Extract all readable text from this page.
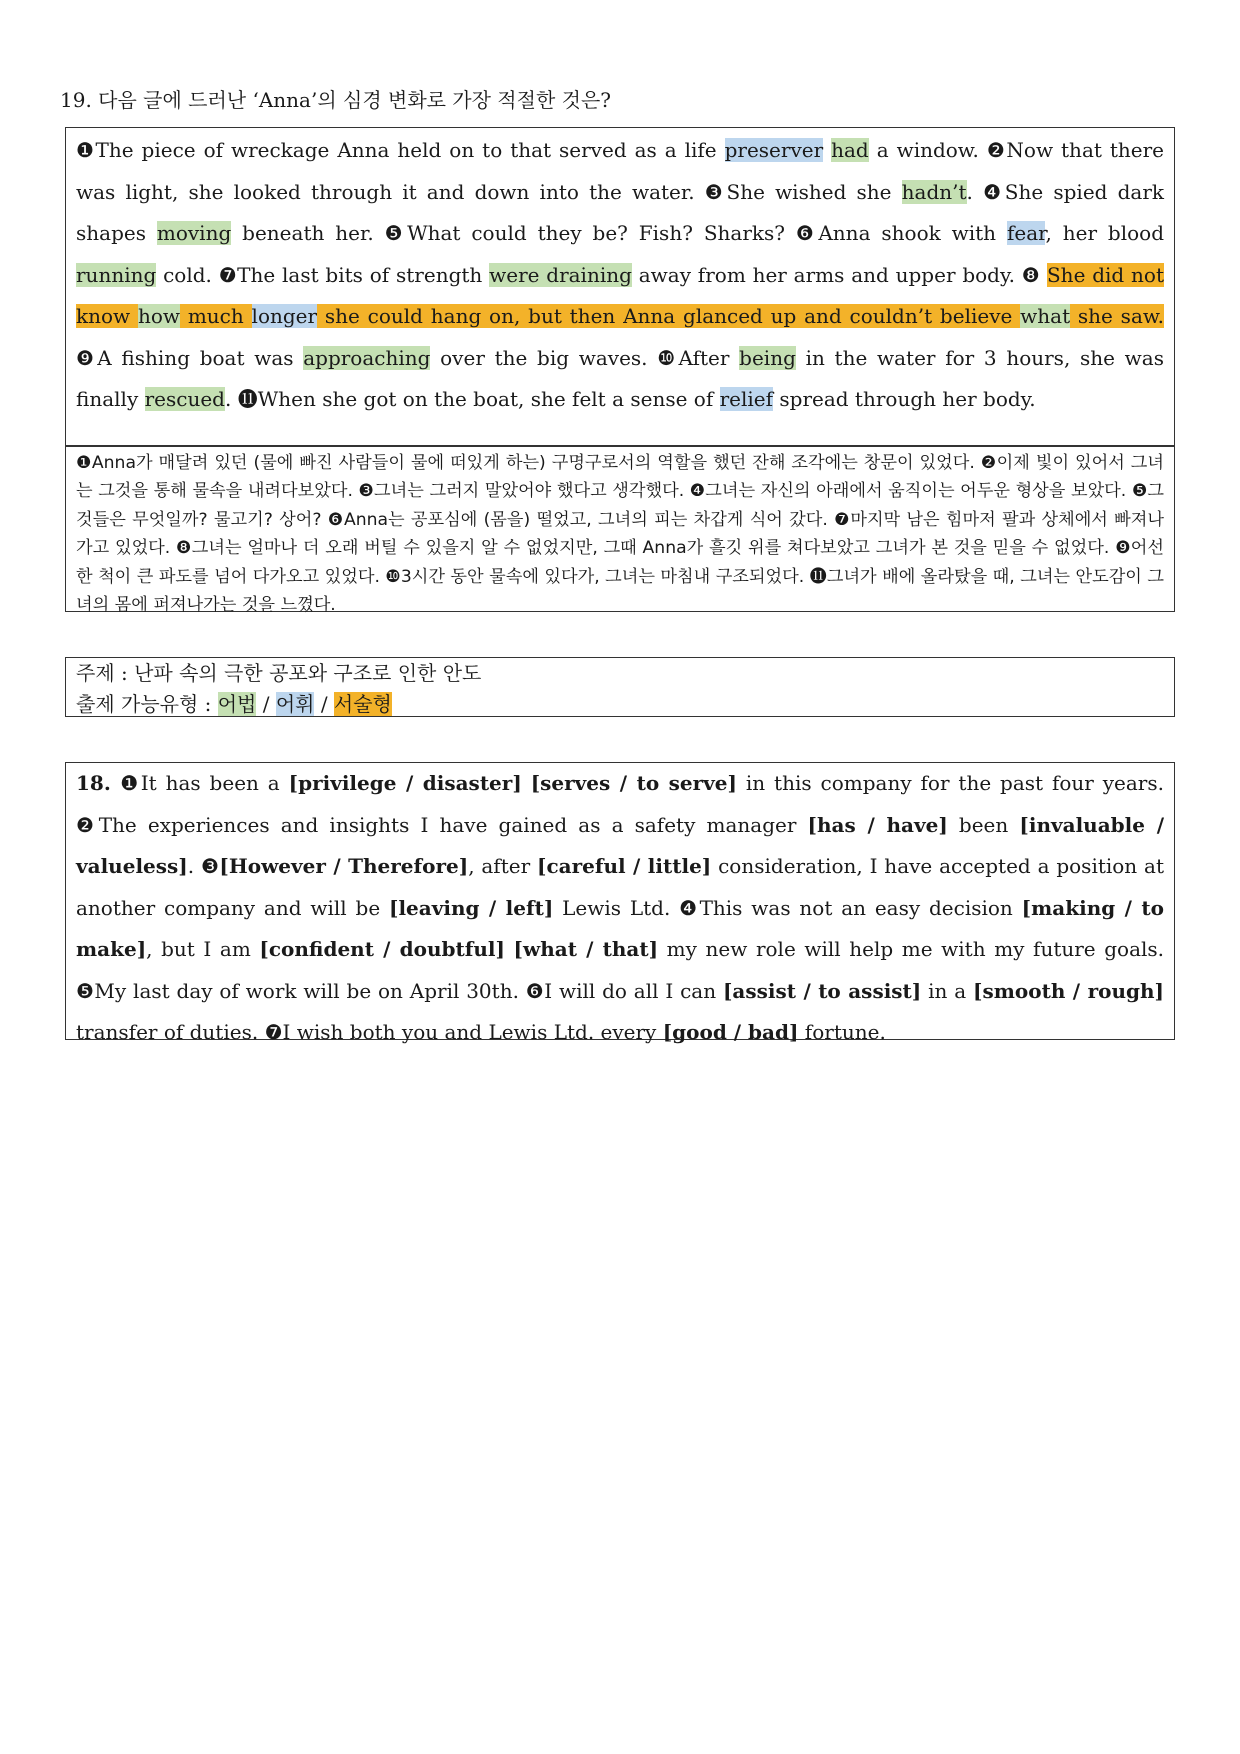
19. 다음 글에 드러난 ‘Anna’의 심경 변화로 가장 적절한 것은?
❶The piece of wreckage Anna held on to that served as a life preserver had a window. ❷Now that there was light, she looked through it and down into the water. ❸She wished she hadn’t. ❹She spied dark shapes moving beneath her. ❺What could they be? Fish? Sharks? ❻Anna shook with fear, her blood running cold. ❼The last bits of strength were draining away from her arms and upper body. ❽ She did not know how much longer she could hang on, but then Anna glanced up and couldn’t believe what she saw. ❾A fishing boat was approaching over the big waves. ❿After being in the water for 3 hours, she was finally rescued. ⓫When she got on the boat, she felt a sense of relief spread through her body.
❶Anna가 매달려 있던 (물에 빠진 사람들이 물에 떠있게 하는) 구명구로서의 역할을 했던 잔해 조각에는 창문이 있었다. ❷이제 빛이 있어서 그녀는 그것을 통해 물속을 내려다보았다. ❸그녀는 그러지 말았어야 했다고 생각했다. ❹그녀는 자신의 아래에서 움직이는 어두운 형상을 보았다. ❺그것들은 무엇일까? 물고기? 상어? ❻Anna는 공포심에 (몸을) 떨었고, 그녀의 피는 차갑게 식어 갔다. ❼마지막 남은 힘마저 팔과 상체에서 빠져나가고 있었다. ❽그녀는 얼마나 더 오래 버틸 수 있을지 알 수 없었지만, 그때 Anna가 흘깃 위를 쳐다보았고 그녀가 본 것을 믿을 수 없었다. ❾어선 한 척이 큰 파도를 넘어 다가오고 있었다. ❿3시간 동안 물속에 있다가, 그녀는 마침내 구조되었다. ⓫그녀가 배에 올라탔을 때, 그녀는 안도감이 그녀의 몸에 퍼져나가는 것을 느꼈다.
주제 : 난파 속의 극한 공포와 구조로 인한 안도
출제 가능유형 : 어법 / 어휘 / 서술형
18. ❶It has been a [privilege / disaster] [serves / to serve] in this company for the past four years. ❷The experiences and insights I have gained as a safety manager [has / have] been [invaluable / valueless]. ❸[However / Therefore], after [careful / little] consideration, I have accepted a position at another company and will be [leaving / left] Lewis Ltd. ❹This was not an easy decision [making / to make], but I am [confident / doubtful] [what / that] my new role will help me with my future goals. ❺My last day of work will be on April 30th. ❻I will do all I can [assist / to assist] in a [smooth / rough] transfer of duties. ❼I wish both you and Lewis Ltd. every [good / bad] fortune.
